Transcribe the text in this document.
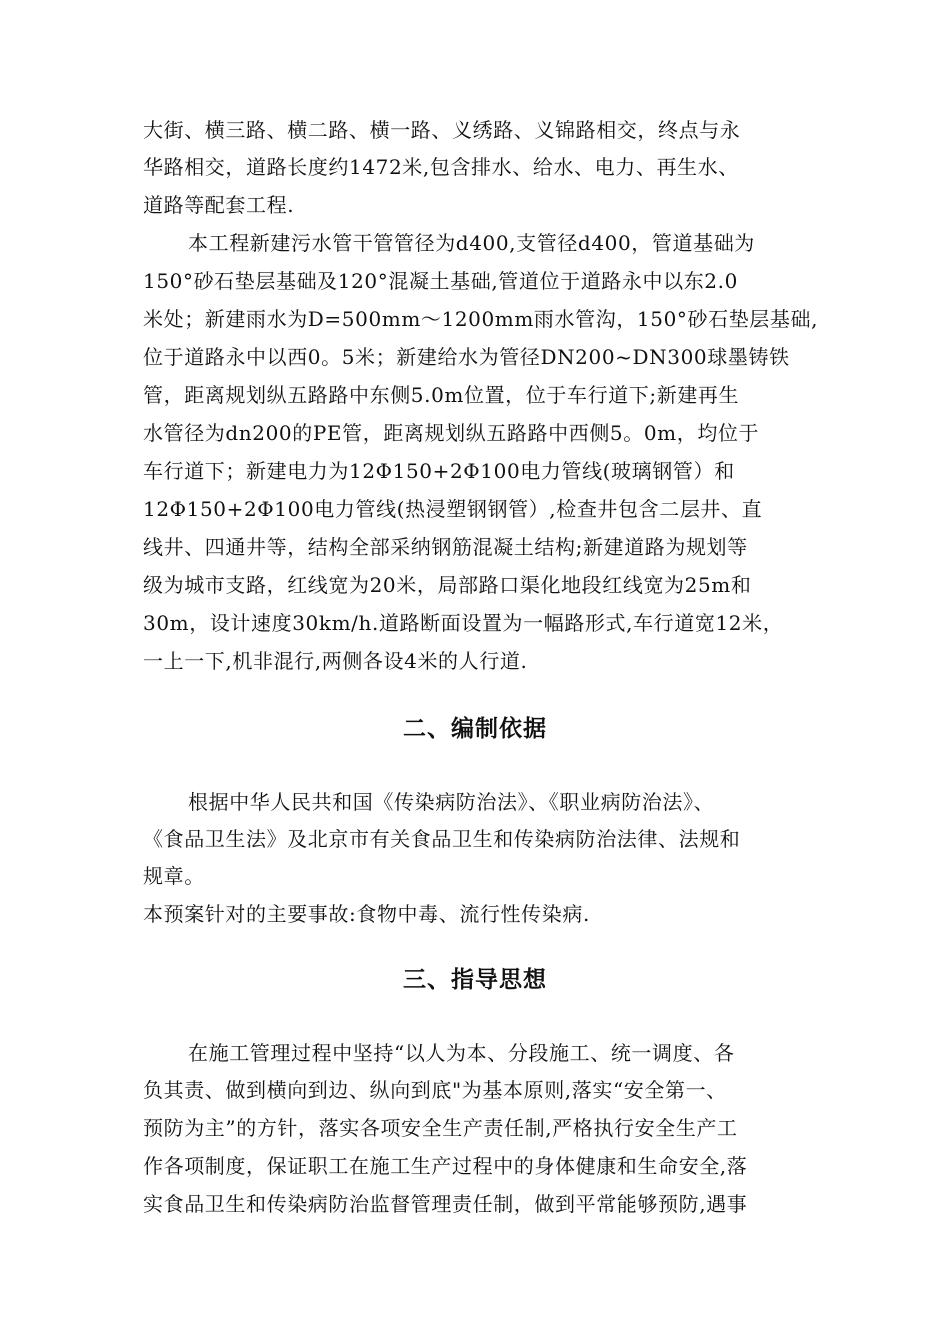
大街、横三路、横二路、横一路、义绣路、义锦路相交，终点与永
华路相交，道路长度约1472米,包含排水、给水、电力、再生水、
道路等配套工程.
本工程新建污水管干管管径为d400,支管径d400，管道基础为
150°砂石垫层基础及120°混凝土基础,管道位于道路永中以东2.0
米处；新建雨水为D=500mm～1200mm雨水管沟，150°砂石垫层基础,
位于道路永中以西0。5米；新建给水为管径DN200~DN300球墨铸铁
管，距离规划纵五路路中东侧5.0m位置，位于车行道下;新建再生
水管径为dn200的PE管，距离规划纵五路路中西侧5。0m，均位于
车行道下；新建电力为12Φ150+2Φ100电力管线(玻璃钢管）和
12Φ150+2Φ100电力管线(热浸塑钢钢管）,检查井包含二层井、直
线井、四通井等，结构全部采纳钢筋混凝土结构;新建道路为规划等
级为城市支路，红线宽为20米，局部路口渠化地段红线宽为25m和
30m，设计速度30km/h.道路断面设置为一幅路形式,车行道宽12米，
一上一下,机非混行,两侧各设4米的人行道.
二、编制依据
根据中华人民共和国《传染病防治法》、《职业病防治法》、
《食品卫生法》及北京市有关食品卫生和传染病防治法律、法规和
规章。
本预案针对的主要事故:食物中毒、流行性传染病.
三、指导思想
在施工管理过程中坚持“以人为本、分段施工、统一调度、各
负其责、做到横向到边、纵向到底"为基本原则,落实“安全第一、
预防为主”的方针，落实各项安全生产责任制,严格执行安全生产工
作各项制度，保证职工在施工生产过程中的身体健康和生命安全,落
实食品卫生和传染病防治监督管理责任制，做到平常能够预防,遇事
